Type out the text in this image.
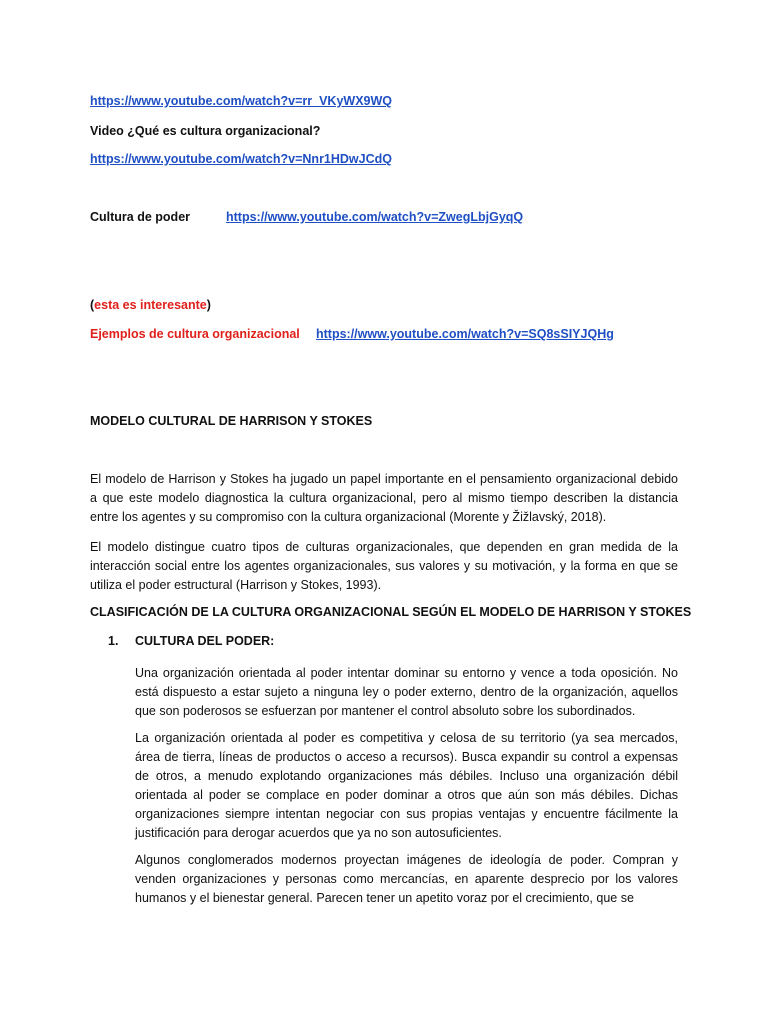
https://www.youtube.com/watch?v=rr_VKyWX9WQ
Video ¿Qué es cultura organizacional?
https://www.youtube.com/watch?v=Nnr1HDwJCdQ
Cultura de poder	https://www.youtube.com/watch?v=ZwegLbjGyqQ
(esta es interesante)
Ejemplos de cultura organizacional https://www.youtube.com/watch?v=SQ8sSIYJQHg
MODELO CULTURAL DE HARRISON Y STOKES

El modelo de Harrison y Stokes ha jugado un papel importante en el pensamiento organizacional debido a que este modelo diagnostica la cultura organizacional, pero al mismo tiempo describen la distancia entre los agentes y su compromiso con la cultura organizacional (Morente y Žižlavský, 2018).

El modelo distingue cuatro tipos de culturas organizacionales, que dependen en gran medida de la interacción social entre los agentes organizacionales, sus valores y su motivación, y la forma en que se utiliza el poder estructural (Harrison y Stokes, 1993).

CLASIFICACIÓN DE LA CULTURA ORGANIZACIONAL SEGÚN EL MODELO DE HARRISON Y STOKES
1. CULTURA DEL PODER:

Una organización orientada al poder intentar dominar su entorno y vence a toda oposición. No está dispuesto a estar sujeto a ninguna ley o poder externo, dentro de la organización, aquellos que son poderosos se esfuerzan por mantener el control absoluto sobre los subordinados.

La organización orientada al poder es competitiva y celosa de su territorio (ya sea mercados, área de tierra, líneas de productos o acceso a recursos). Busca expandir su control a expensas de otros, a menudo explotando organizaciones más débiles. Incluso una organización débil orientada al poder se complace en poder dominar a otros que aún son más débiles. Dichas organizaciones siempre intentan negociar con sus propias ventajas y encuentre fácilmente la justificación para derogar acuerdos que ya no son autosuficientes.

Algunos conglomerados modernos proyectan imágenes de ideología de poder. Compran y venden organizaciones y personas como mercancías, en aparente desprecio por los valores humanos y el bienestar general. Parecen tener un apetito voraz por el crecimiento, que se
